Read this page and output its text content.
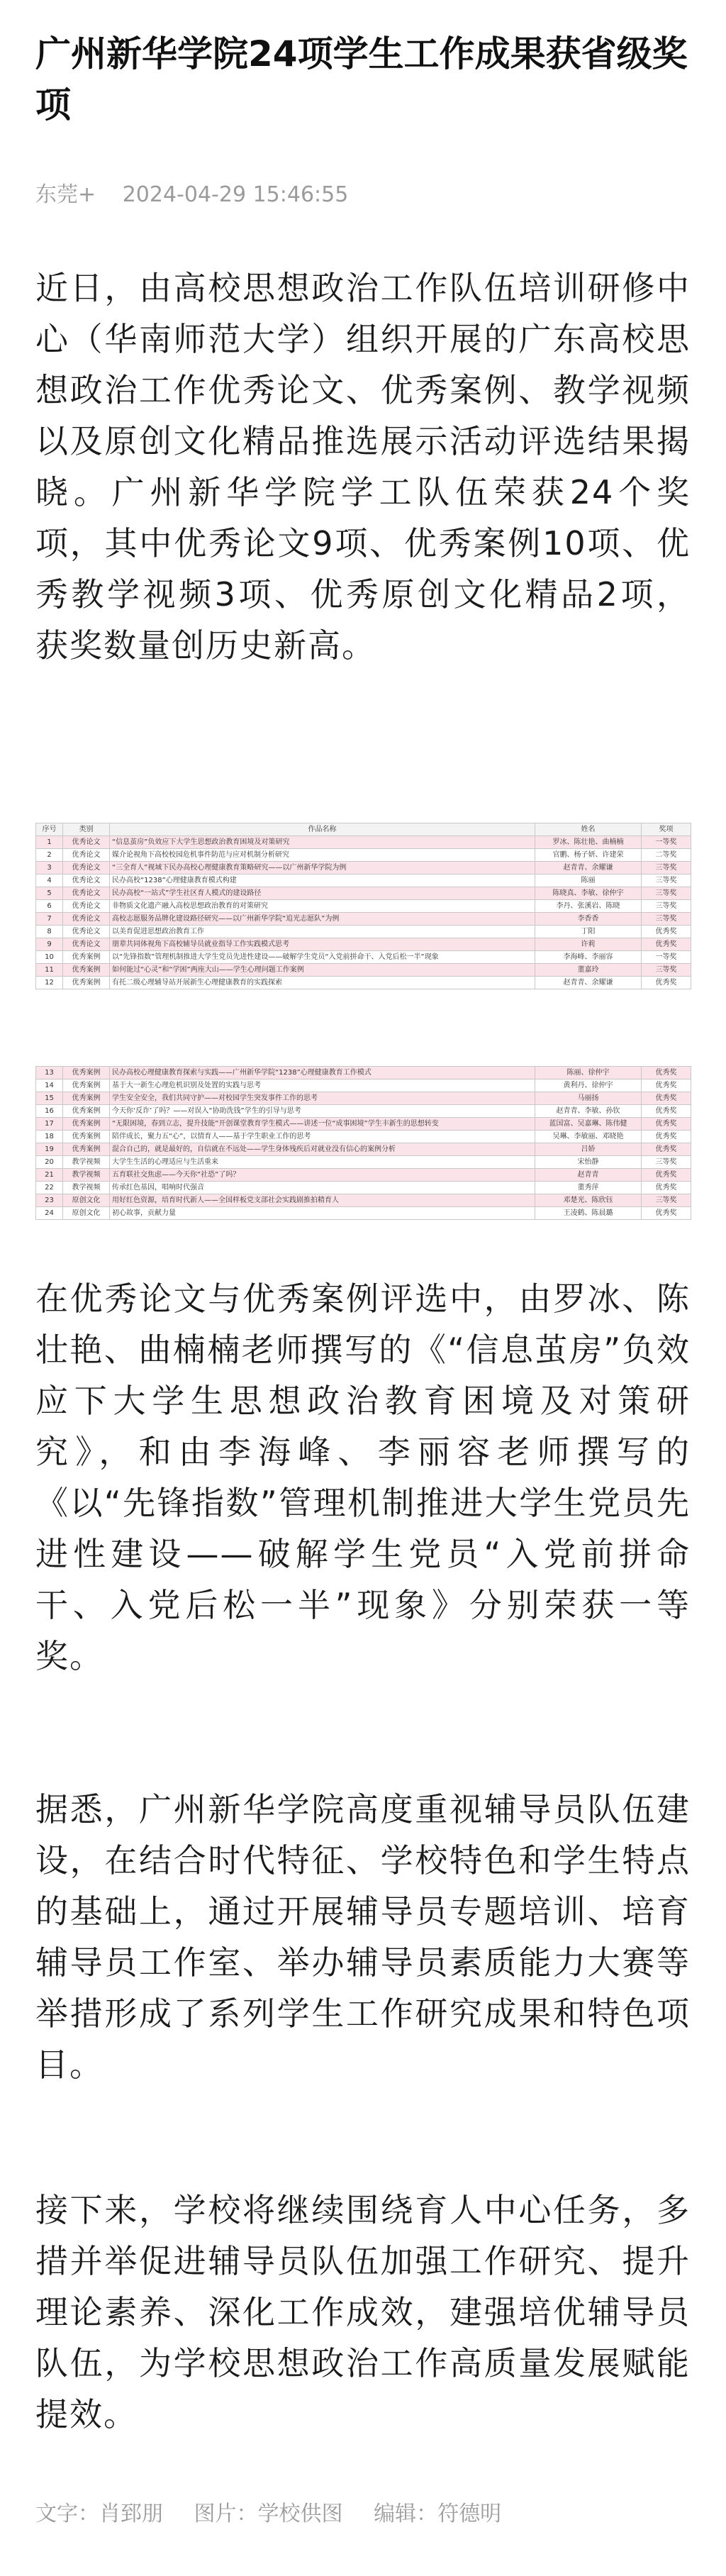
广州新华学院24项学生工作成果获省级奖项
东莞+ 2024-04-29 15:46:55

近日，由高校思想政治工作队伍培训研修中心（华南师范大学）组织开展的广东高校思想政治工作优秀论文、优秀案例、教学视频以及原创文化精品推选展示活动评选结果揭晓。广州新华学院学工队伍荣获24个奖项，其中优秀论文9项、优秀案例10项、优秀教学视频3项、优秀原创文化精品2项，获奖数量创历史新高。

序号	类别	作品名称	姓名	奖项
1	优秀论文	“信息茧房”负效应下大学生思想政治教育困境及对策研究	罗冰、陈壮艳、曲楠楠	一等奖
2	优秀论文	媒介论视角下高校校园危机事件防范与应对机制分析研究	官鹏、杨子妍、许建荣	二等奖
3	优秀论文	“三全育人”视域下民办高校心理健康教育策略研究——以广州新华学院为例	赵青青、余耀谦	三等奖
4	优秀论文	民办高校“1238”心理健康教育模式构建	陈丽	三等奖
5	优秀论文	民办高校“一站式”学生社区育人模式的建设路径	陈晓真、李敏、徐仲宇	三等奖
6	优秀论文	非物质文化遗产融入高校思想政治教育的对策研究	李丹、张溪岩、陈晓	三等奖
7	优秀论文	高校志愿服务品牌化建设路径研究——以广州新华学院“追光志愿队”为例	李香香	三等奖
8	优秀论文	以美育促进思想政治教育工作	丁阳	优秀奖
9	优秀论文	朋辈共同体视角下高校辅导员就业指导工作实践模式思考	许莉	优秀奖
10	优秀案例	以“先锋指数”管理机制推进大学生党员先进性建设——破解学生党员“入党前拼命干、入党后松一半”现象	李海峰、李丽容	一等奖
11	优秀案例	如何能过“心灵”和“学困”两座大山——学生心理问题工作案例	董嘉玲	三等奖
12	优秀案例	有托二级心理辅导站开展新生心理健康教育的实践探索	赵青青、余耀谦	优秀奖
13	优秀案例	民办高校心理健康教育探索与实践——广州新华学院“1238”心理健康教育工作模式	陈丽、徐仲宇	优秀奖
14	优秀案例	基于大一新生心理危机识别及处置的实践与思考	黄利丹、徐仲宇	优秀奖
15	优秀案例	学生安全安全，我们共同守护——对校园学生突发事件工作的思考	马丽扬	优秀奖
16	优秀案例	今天你‘反诈’了吗？——对误入“协助洗钱”学生的引导与思考	赵青青、李敏、孙钦	优秀奖
17	优秀案例	“无限困境，春到立志，提升技能”开创课堂教育学生模式——讲述一位“成事困境”学生丰新生的思想转变	蓝国富、吴嘉琳、陈伟健	优秀奖
18	优秀案例	陪伴成长，聚力五“心”，以情育人——基于学生职业工作的思考	吴琳、李敏丽、邓晓艳	优秀奖
19	优秀案例	混合自己的，就是最好的，自信就在不远处——学生身体残疾后对就业没有信心的案例分析	吕娇	优秀奖
20	教学视频	大学生生活的心理适应与生活重来	宋怡静	三等奖
21	教学视频	五育联社交焦虑——今天你“社恐”了吗？	赵青青	优秀奖
22	教学视频	传承红色基因，唱响时代强音	董秀萍	优秀奖
23	原创文化	用好红色资源，培育时代新人——全国样板党支部社会实践剧推拍精育人	邓楚光、陈欣钰	三等奖
24	原创文化	初心故事，贡献力量	王凌鹤、陈晨璐	优秀奖

在优秀论文与优秀案例评选中，由罗冰、陈壮艳、曲楠楠老师撰写的《“信息茧房”负效应下大学生思想政治教育困境及对策研究》，和由李海峰、李丽容老师撰写的《以“先锋指数”管理机制推进大学生党员先进性建设——破解学生党员“入党前拼命干、入党后松一半”现象》分别荣获一等奖。

据悉，广州新华学院高度重视辅导员队伍建设，在结合时代特征、学校特色和学生特点的基础上，通过开展辅导员专题培训、培育辅导员工作室、举办辅导员素质能力大赛等举措形成了系列学生工作研究成果和特色项目。

接下来，学校将继续围绕育人中心任务，多措并举促进辅导员队伍加强工作研究、提升理论素养、深化工作成效，建强培优辅导员队伍，为学校思想政治工作高质量发展赋能提效。

文字：肖郅朋 图片：学校供图 编辑：符德明
